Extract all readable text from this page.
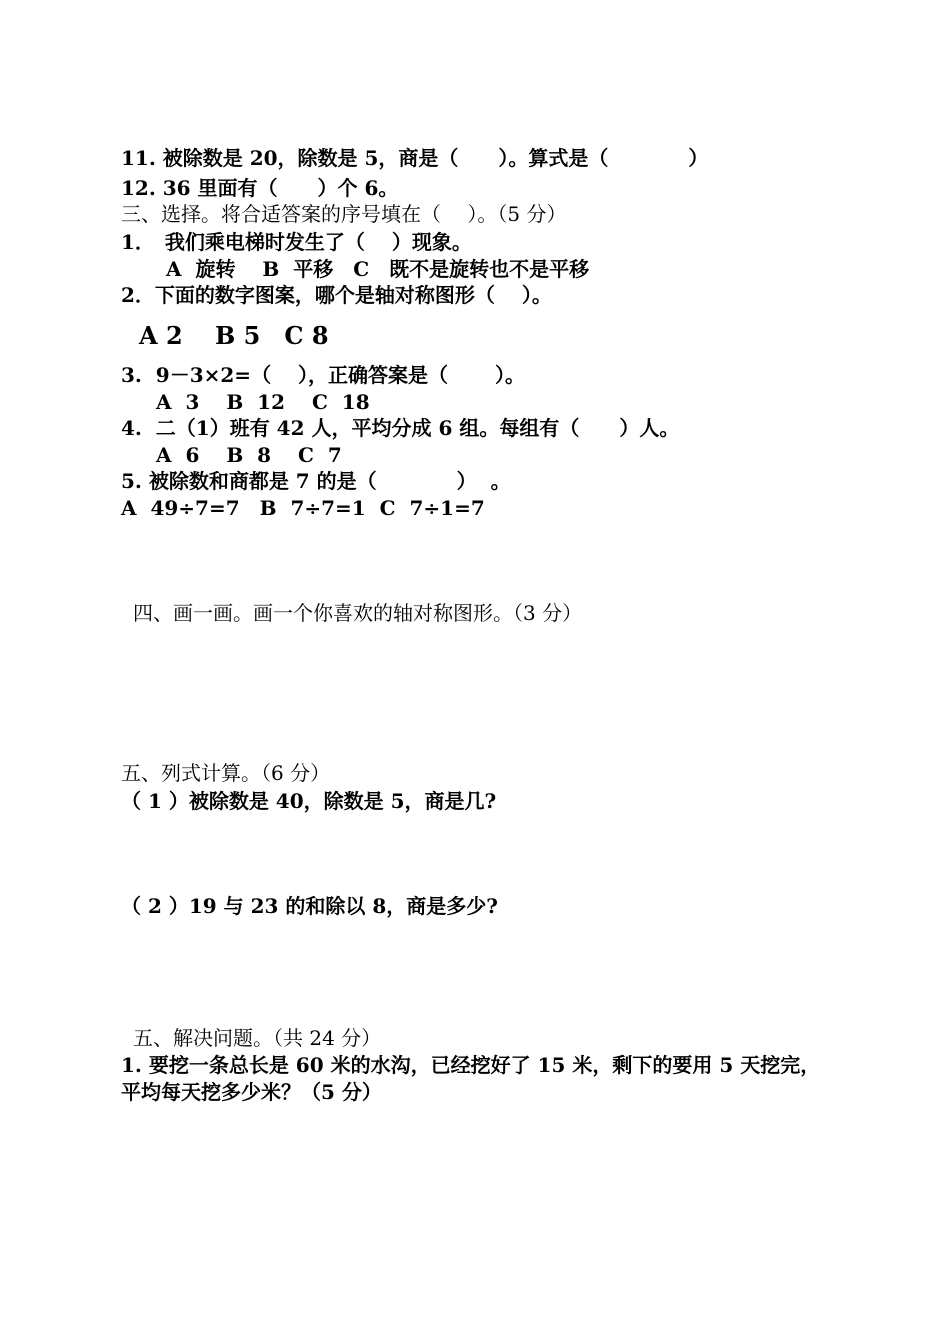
11. 被除数是 20，除数是 5，商是（　　）。算式是（　　　　）
12. 36 里面有（　　）个 6。
三、选择。将合适答案的序号填在（　 ）。（5 分）
1．　我们乘电梯时发生了（　 ）现象。
A  旋转　 B  平移　C　既不是旋转也不是平移
2．下面的数字图案，哪个是轴对称图形（　 ）。
A 2　 B 5　C 8
3.  9－3×2=（　 ），正确答案是（　　 ）。
A  3　 B  12　 C  18
4.  二（1）班有 42 人，平均分成 6 组。每组有（　　）人。
A  6　 B  8　 C  7
5. 被除数和商都是 7 的是（　　　　）  。
A  49÷7=7　B  7÷7=1  C  7÷1=7
四、画一画。画一个你喜欢的轴对称图形。（3 分）
五、列式计算。（6 分）
（ 1 ）被除数是 40，除数是 5，商是几?
（ 2 ）19 与 23 的和除以 8，商是多少?
五、解决问题。（共 24 分）
1. 要挖一条总长是 60 米的水沟，已经挖好了 15 米，剩下的要用 5 天挖完，
平均每天挖多少米？（5 分）
